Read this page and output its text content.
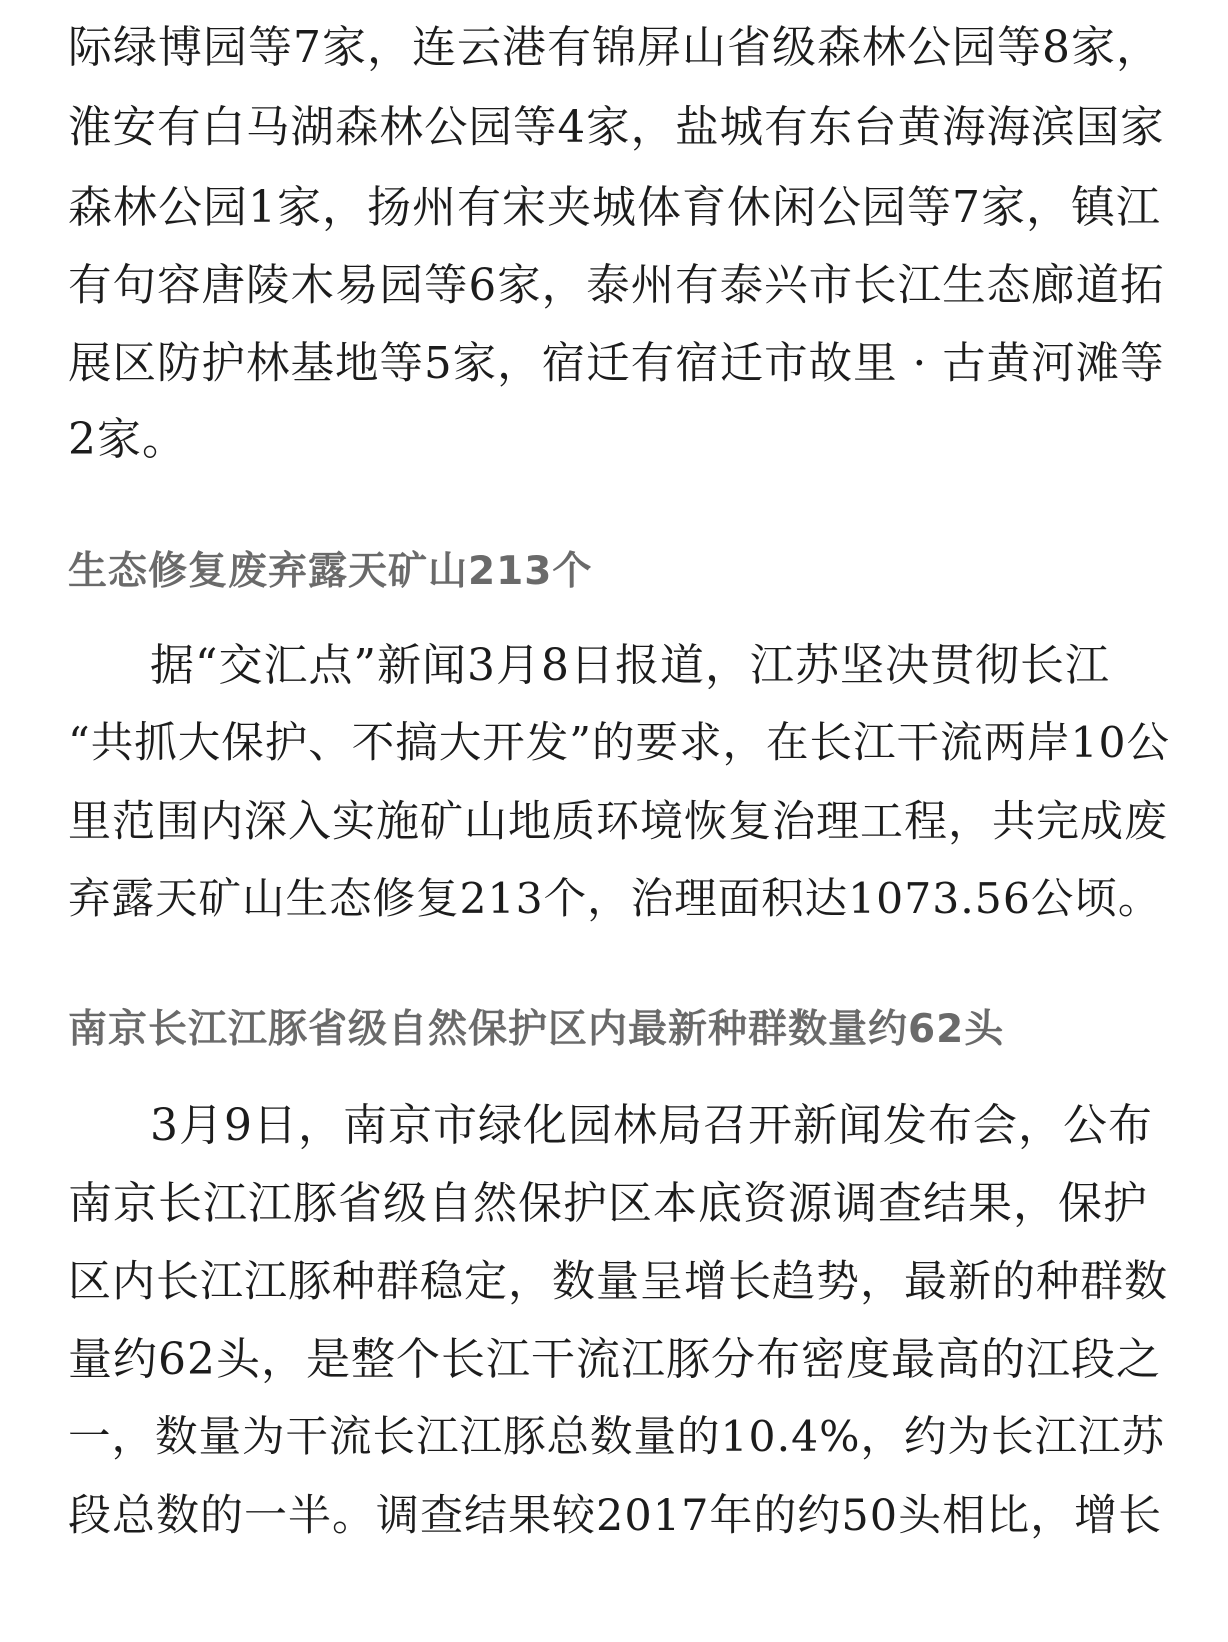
际绿博园等7家，连云港有锦屏山省级森林公园等8家，
淮安有白马湖森林公园等4家，盐城有东台黄海海滨国家
森林公园1家，扬州有宋夹城体育休闲公园等7家，镇江
有句容唐陵木易园等6家，泰州有泰兴市长江生态廊道拓
展区防护林基地等5家，宿迁有宿迁市故里 · 古黄河滩等
2家。
生态修复废弃露天矿山213个
据“交汇点”新闻3月8日报道，江苏坚决贯彻长江
“共抓大保护、不搞大开发”的要求，在长江干流两岸10公
里范围内深入实施矿山地质环境恢复治理工程，共完成废
弃露天矿山生态修复213个，治理面积达1073.56公顷。
南京长江江豚省级自然保护区内最新种群数量约62头
3月9日，南京市绿化园林局召开新闻发布会，公布
南京长江江豚省级自然保护区本底资源调查结果，保护
区内长江江豚种群稳定，数量呈增长趋势，最新的种群数
量约62头，是整个长江干流江豚分布密度最高的江段之
一，数量为干流长江江豚总数量的10.4%，约为长江江苏
段总数的一半。调查结果较2017年的约50头相比，增长
